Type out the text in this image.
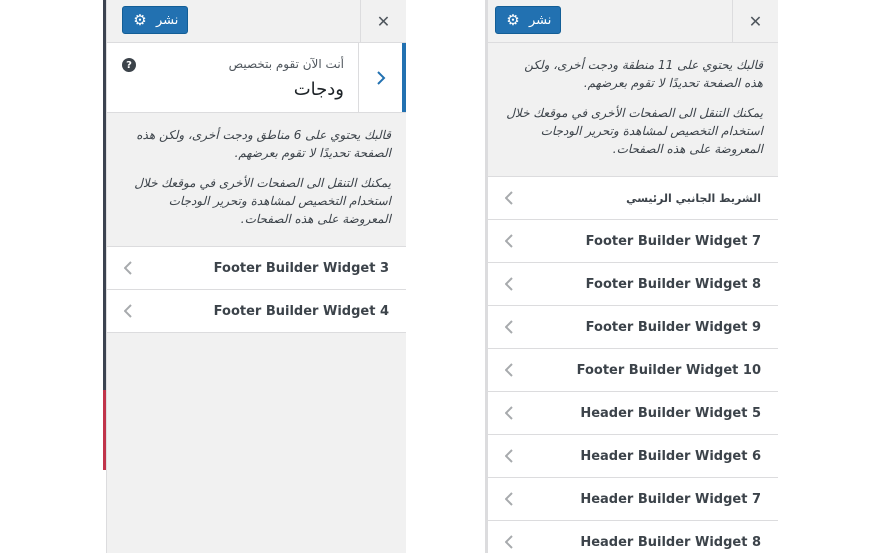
⚙ نشر	✕
?	أنت الآن تقوم بتخصيص
ودجات

قالبك يحتوي على 6 مناطق ودجت أخرى، ولكن هذه الصفحة تحديدًا لا تقوم بعرضهم.

يمكنك التنقل الى الصفحات الأخرى في موقعك خلال استخدام التخصيص لمشاهدة وتحرير الودجات المعروضة على هذه الصفحات.

Footer Builder Widget 3
Footer Builder Widget 4
⚙ نشر	✕

قالبك يحتوي على 11 منطقة ودجت أخرى، ولكن هذه الصفحة تحديدًا لا تقوم بعرضهم.

يمكنك التنقل الى الصفحات الأخرى في موقعك خلال استخدام التخصيص لمشاهدة وتحرير الودجات المعروضة على هذه الصفحات.

الشريط الجانبي الرئيسي
Footer Builder Widget 7
Footer Builder Widget 8
Footer Builder Widget 9
Footer Builder Widget 10
Header Builder Widget 5
Header Builder Widget 6
Header Builder Widget 7
Header Builder Widget 8
